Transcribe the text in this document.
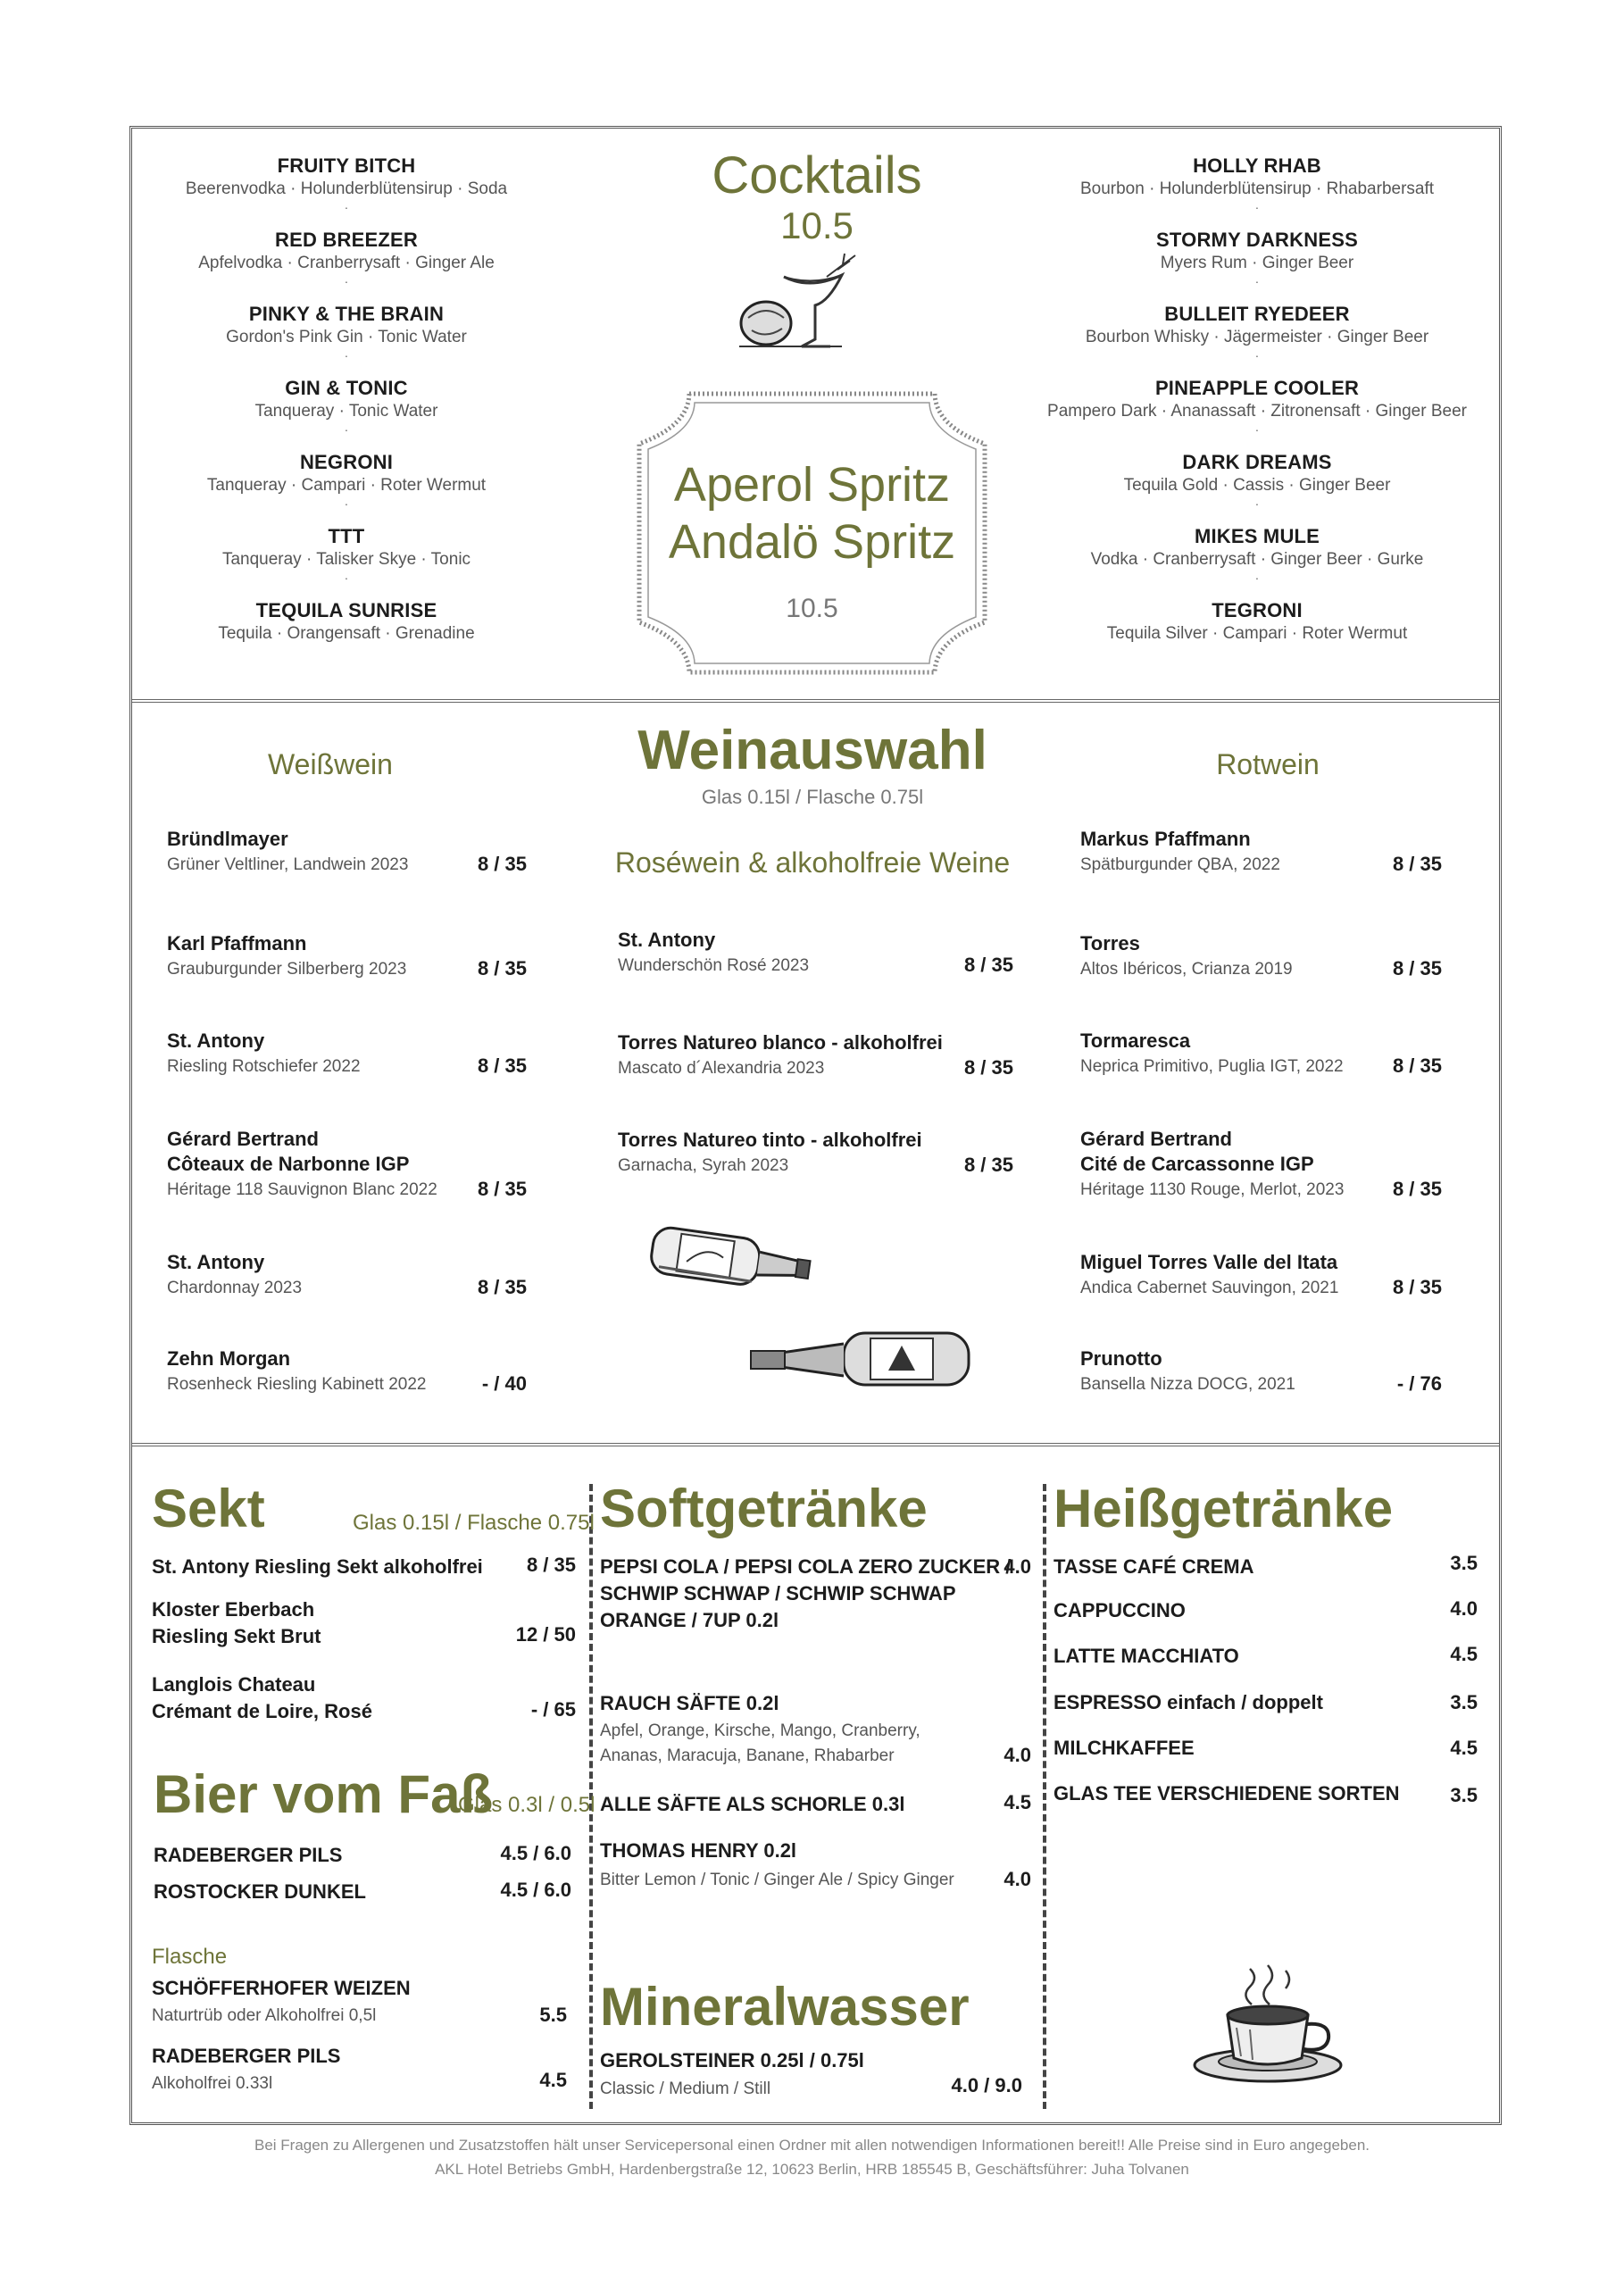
Cocktails
10.5
Aperol Spritz
Andalö Spritz
10.5
FRUITY BITCH
Beerenvodka · Holunderblütensirup · Soda
·
RED BREEZER
Apfelvodka · Cranberrysaft · Ginger Ale
·
PINKY & THE BRAIN
Gordon's Pink Gin · Tonic Water
·
GIN & TONIC
Tanqueray · Tonic Water
·
NEGRONI
Tanqueray · Campari · Roter Wermut
·
TTT
Tanqueray · Talisker Skye · Tonic
·
TEQUILA SUNRISE
Tequila · Orangensaft · Grenadine
HOLLY RHAB
Bourbon · Holunderblütensirup · Rhabarbersaft
·
STORMY DARKNESS
Myers Rum · Ginger Beer
·
BULLEIT RYEDEER
Bourbon Whisky · Jägermeister · Ginger Beer
·
PINEAPPLE COOLER
Pampero Dark · Ananassaft · Zitronensaft · Ginger Beer
·
DARK DREAMS
Tequila Gold · Cassis · Ginger Beer
·
MIKES MULE
Vodka · Cranberrysaft · Ginger Beer · Gurke
·
TEGRONI
Tequila Silver · Campari · Roter Wermut
Weinauswahl
Glas 0.15l / Flasche 0.75l
Weißwein	Rotwein
Roséwein & alkoholfreie Weine
Bründlmayer
Grüner Veltliner, Landwein 2023	8 / 35
Karl Pfaffmann
Grauburgunder Silberberg 2023	8 / 35
St. Antony
Riesling Rotschiefer 2022	8 / 35
Gérard Bertrand
Côteaux de Narbonne IGP
Héritage 118 Sauvignon Blanc 2022	8 / 35
St. Antony
Chardonnay 2023	8 / 35
Zehn Morgan
Rosenheck Riesling Kabinett 2022	- / 40
St. Antony
Wunderschön Rosé 2023	8 / 35
Torres Natureo blanco - alkoholfrei
Mascato d´Alexandria 2023	8 / 35
Torres Natureo tinto - alkoholfrei
Garnacha, Syrah 2023	8 / 35
Markus Pfaffmann
Spätburgunder QBA, 2022	8 / 35
Torres
Altos Ibéricos, Crianza 2019	8 / 35
Tormaresca
Neprica Primitivo, Puglia IGT, 2022	8 / 35
Gérard Bertrand
Cité de Carcassonne IGP
Héritage 1130 Rouge, Merlot, 2023	8 / 35
Miguel Torres Valle del Itata
Andica Cabernet Sauvingon, 2021	8 / 35
Prunotto
Bansella Nizza DOCG, 2021	- / 76
Sekt	Glas 0.15l / Flasche 0.75l
St. Antony Riesling Sekt alkoholfrei	8 / 35
Kloster Eberbach
Riesling Sekt Brut	12 / 50
Langlois Chateau
Crémant de Loire, Rosé	- / 65
Bier vom Faß
Glas 0.3l / 0.5l
RADEBERGER PILS	4.5 / 6.0
ROSTOCKER DUNKEL	4.5 / 6.0
Flasche
SCHÖFFERHOFER WEIZEN
Naturtrüb oder Alkoholfrei 0,5l	5.5
RADEBERGER PILS
Alkoholfrei 0.33l	4.5
Softgetränke
PEPSI COLA / PEPSI COLA ZERO ZUCKER /
SCHWIP SCHWAP / SCHWIP SCHWAP
ORANGE / 7UP 0.2l
4.0
RAUCH SÄFTE 0.2l
Apfel, Orange, Kirsche, Mango, Cranberry,
Ananas, Maracuja, Banane, Rhabarber	4.0
ALLE SÄFTE ALS SCHORLE 0.3l	4.5
THOMAS HENRY 0.2l
Bitter Lemon / Tonic / Ginger Ale / Spicy Ginger	4.0
Mineralwasser
GEROLSTEINER 0.25l / 0.75l
Classic / Medium / Still	4.0 / 9.0
Heißgetränke
TASSE CAFÉ CREMA	3.5
CAPPUCCINO	4.0
LATTE MACCHIATO	4.5
ESPRESSO einfach / doppelt	3.5
MILCHKAFFEE	4.5
GLAS TEE VERSCHIEDENE SORTEN	3.5
Bei Fragen zu Allergenen und Zusatzstoffen hält unser Servicepersonal einen Ordner mit allen notwendigen Informationen bereit!! Alle Preise sind in Euro angegeben.
AKL Hotel Betriebs GmbH, Hardenbergstraße 12, 10623 Berlin, HRB 185545 B, Geschäftsführer: Juha Tolvanen
